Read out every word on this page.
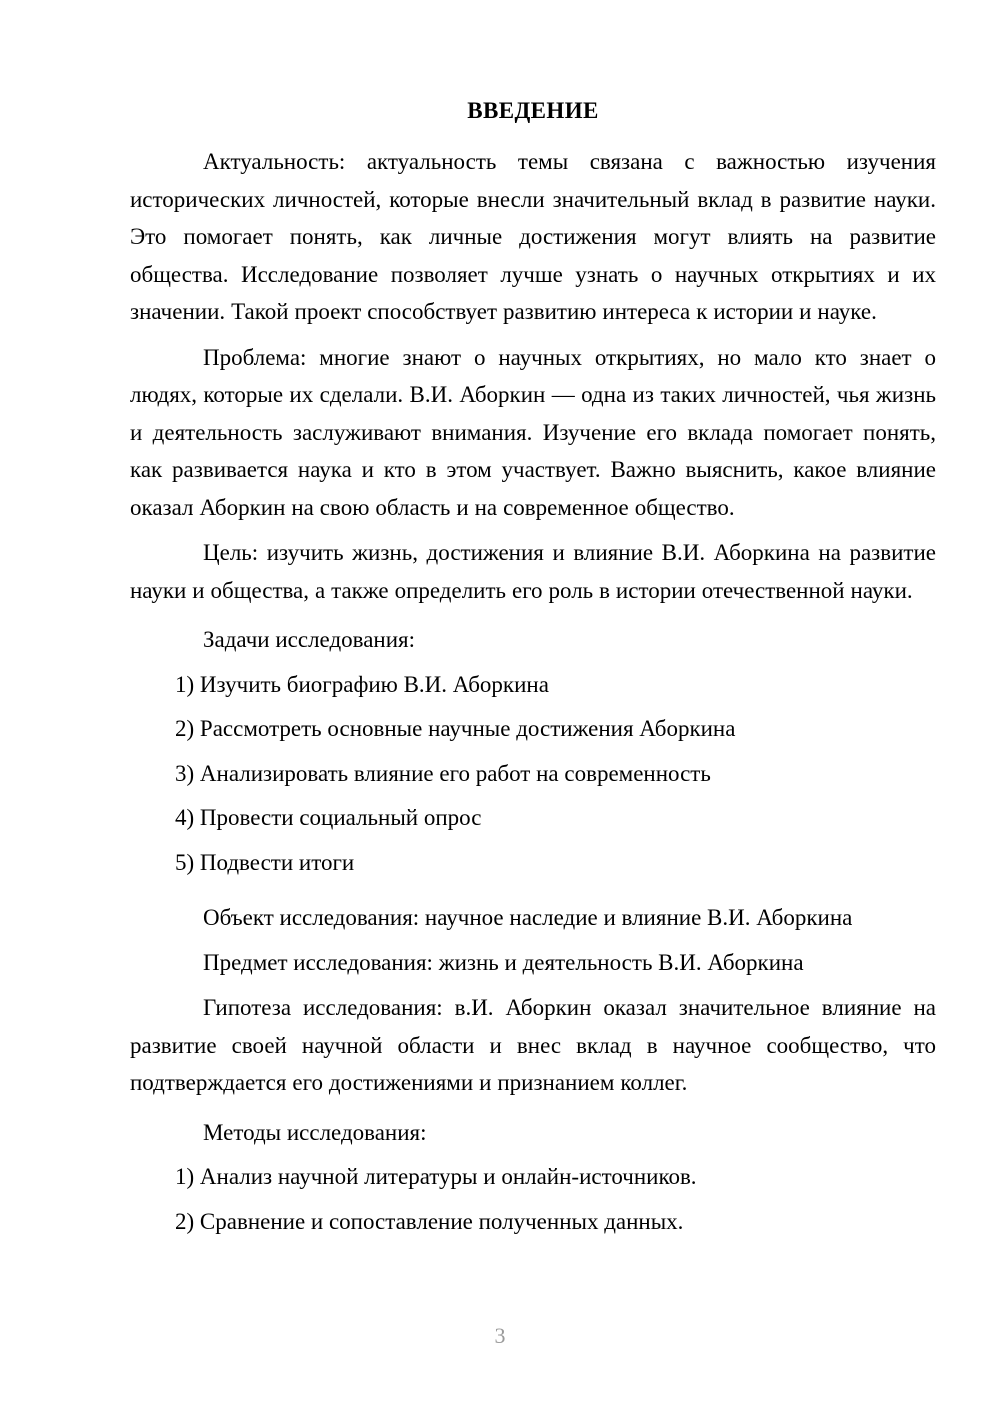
ВВЕДЕНИЕ

Актуальность: актуальность темы связана с важностью изучения исторических личностей, которые внесли значительный вклад в развитие науки. Это помогает понять, как личные достижения могут влиять на развитие общества. Исследование позволяет лучше узнать о научных открытиях и их значении. Такой проект способствует развитию интереса к истории и науке.

Проблема: многие знают о научных открытиях, но мало кто знает о людях, которые их сделали. В.И. Аборкин — одна из таких личностей, чья жизнь и деятельность заслуживают внимания. Изучение его вклада помогает понять, как развивается наука и кто в этом участвует. Важно выяснить, какое влияние оказал Аборкин на свою область и на современное общество.

Цель: изучить жизнь, достижения и влияние В.И. Аборкина на развитие науки и общества, а также определить его роль в истории отечественной науки.

Задачи исследования:

1) Изучить биографию В.И. Аборкина
2) Рассмотреть основные научные достижения Аборкина
3) Анализировать влияние его работ на современность
4) Провести социальный опрос
5) Подвести итоги

Объект исследования: научное наследие и влияние В.И. Аборкина

Предмет исследования: жизнь и деятельность В.И. Аборкина

Гипотеза исследования: в.И. Аборкин оказал значительное влияние на развитие своей научной области и внес вклад в научное сообщество, что подтверждается его достижениями и признанием коллег.

Методы исследования:

1) Анализ научной литературы и онлайн-источников.
2) Сравнение и сопоставление полученных данных.
3
